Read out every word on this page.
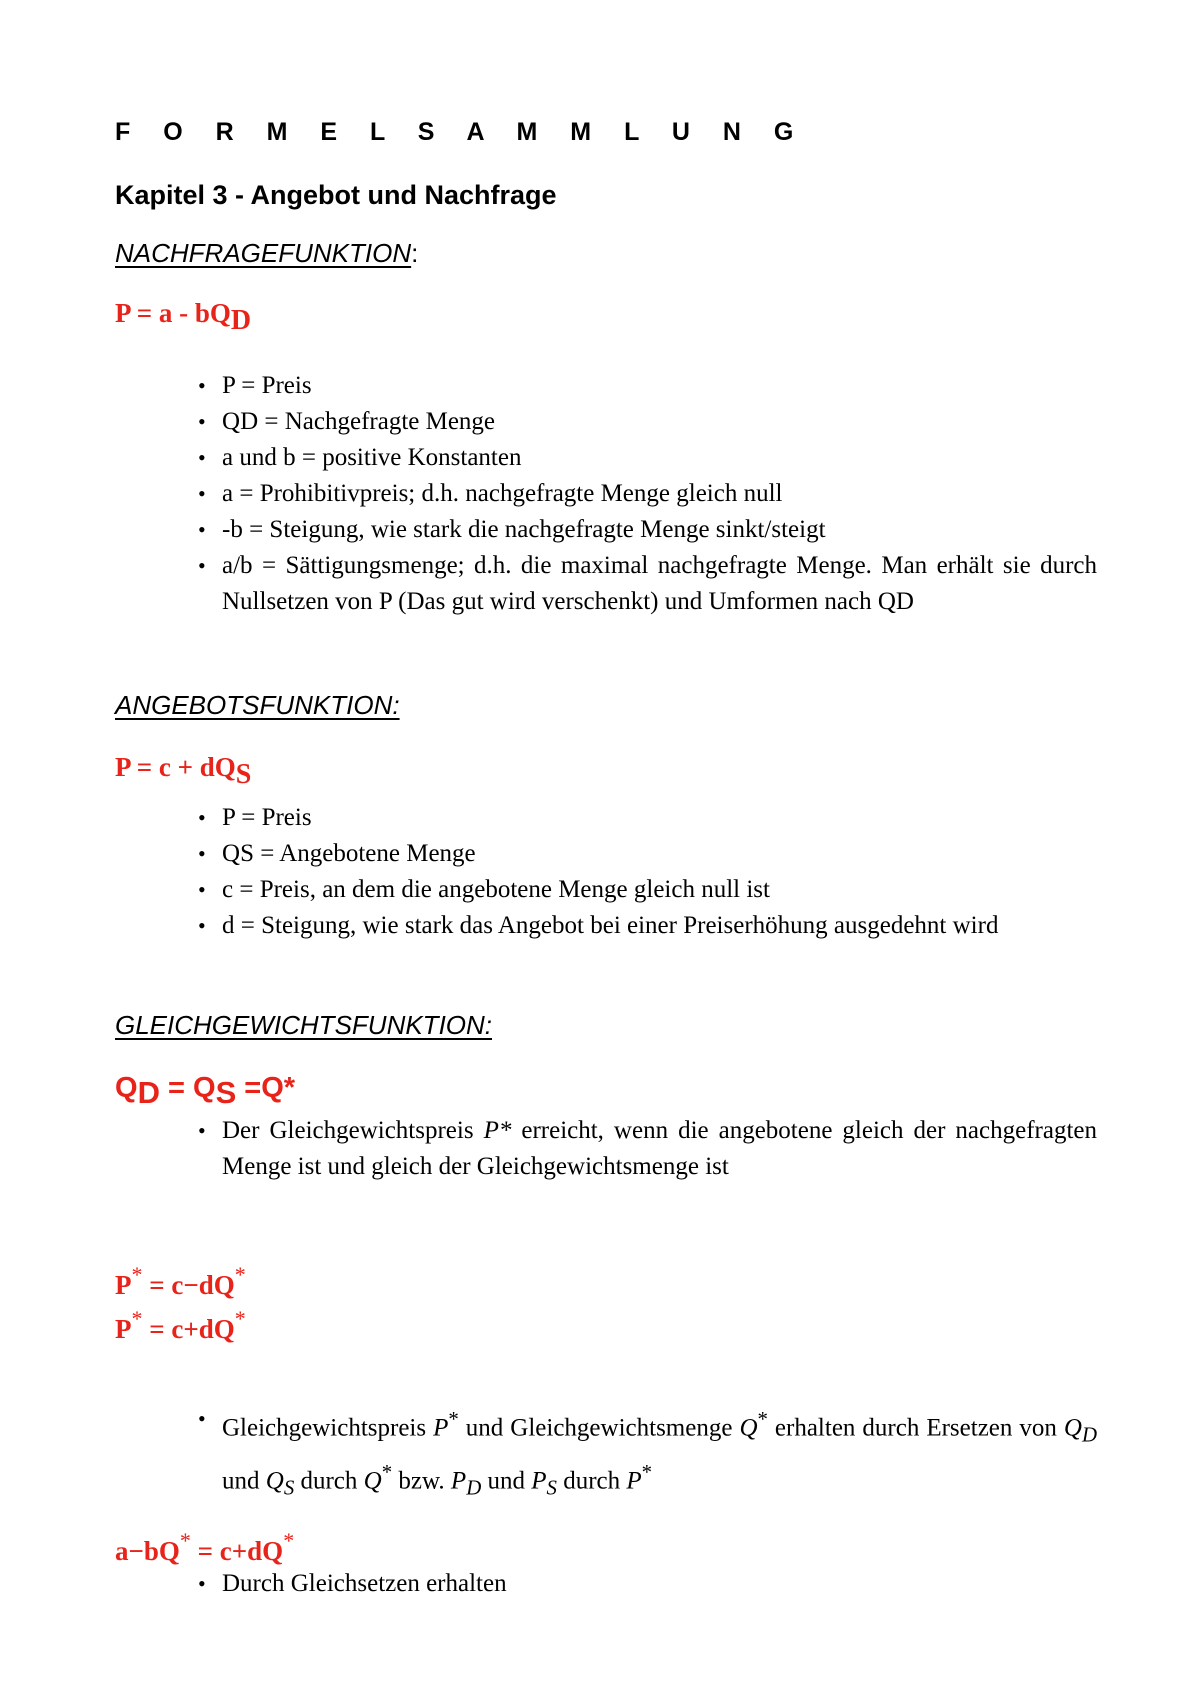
F O R M E L S A M M L U N G
Kapitel 3 - Angebot und Nachfrage
NACHFRAGEFUNKTION:
$P = a - bQ_D$
• P = Preis
• QD = Nachgefragte Menge
• a und b = positive Konstanten
• a = Prohibitivpreis; d.h. nachgefragte Menge gleich null
• -b = Steigung, wie stark die nachgefragte Menge sinkt/steigt
• a/b = Sättigungsmenge; d.h. die maximal nachgefragte Menge. Man erhält sie durch Nullsetzen von P (Das gut wird verschenkt) und Umformen nach QD
ANGEBOTSFUNKTION:
$P = c + dQ_S$
• P = Preis
• QS = Angebotene Menge
• c = Preis, an dem die angebotene Menge gleich null ist
• d = Steigung, wie stark das Angebot bei einer Preiserhöhung ausgedehnt wird
GLEICHGEWICHTSFUNKTION:
QD = QS =Q*
• Der Gleichgewichtspreis P* erreicht, wenn die angebotene gleich der nachgefragten Menge ist und gleich der Gleichgewichtsmenge ist
P* = c−dQ*
P* = c+dQ*
• Gleichgewichtspreis P* und Gleichgewichtsmenge Q* erhalten durch Ersetzen von $Q_D$ und $Q_S$ durch Q* bzw. $P_D$ und $P_S$ durch P*
a−bQ* = c+dQ*
• Durch Gleichsetzen erhalten
